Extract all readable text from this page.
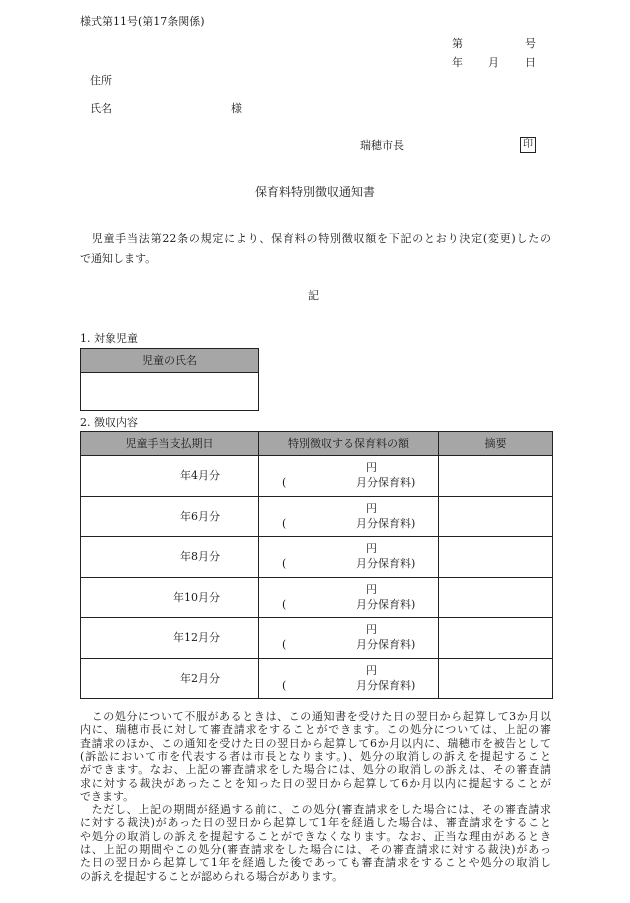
様式第11号(第17条関係)
第	号
年 月 日
住所
氏名	様
瑞穂市長	印
保育料特別徴収通知書
　児童手当法第22条の規定により、保育料の特別徴収額を下記のとおり決定(変更)したの
で通知します。
記
1. 対象児童
児童の氏名

2. 徴収内容
児童手当支払期日	特別徴収する保育料の額	摘要
年4月分	円
( 月分保育料)	

年6月分	円
( 月分保育料)	

年8月分	円
( 月分保育料)	

年10月分	円
( 月分保育料)	

年12月分	円
( 月分保育料)	

年2月分	円
( 月分保育料)	

　この処分について不服があるときは、この通知書を受けた日の翌日から起算して3か月以
内に、瑞穂市長に対して審査請求をすることができます。この処分については、上記の審
査請求のほか、この通知を受けた日の翌日から起算して6か月以内に、瑞穂市を被告として
(訴訟において市を代表する者は市長となります。)、処分の取消しの訴えを提起すること
ができます。なお、上記の審査請求をした場合には、処分の取消しの訴えは、その審査請
求に対する裁決があったことを知った日の翌日から起算して6か月以内に提起することが
できます。
　ただし、上記の期間が経過する前に、この処分(審査請求をした場合には、その審査請求
に対する裁決)があった日の翌日から起算して1年を経過した場合は、審査請求をすること
や処分の取消しの訴えを提起することができなくなります。なお、正当な理由があるとき
は、上記の期間やこの処分(審査請求をした場合には、その審査請求に対する裁決)があっ
た日の翌日から起算して1年を経過した後であっても審査請求をすることや処分の取消し
の訴えを提起することが認められる場合があります。
